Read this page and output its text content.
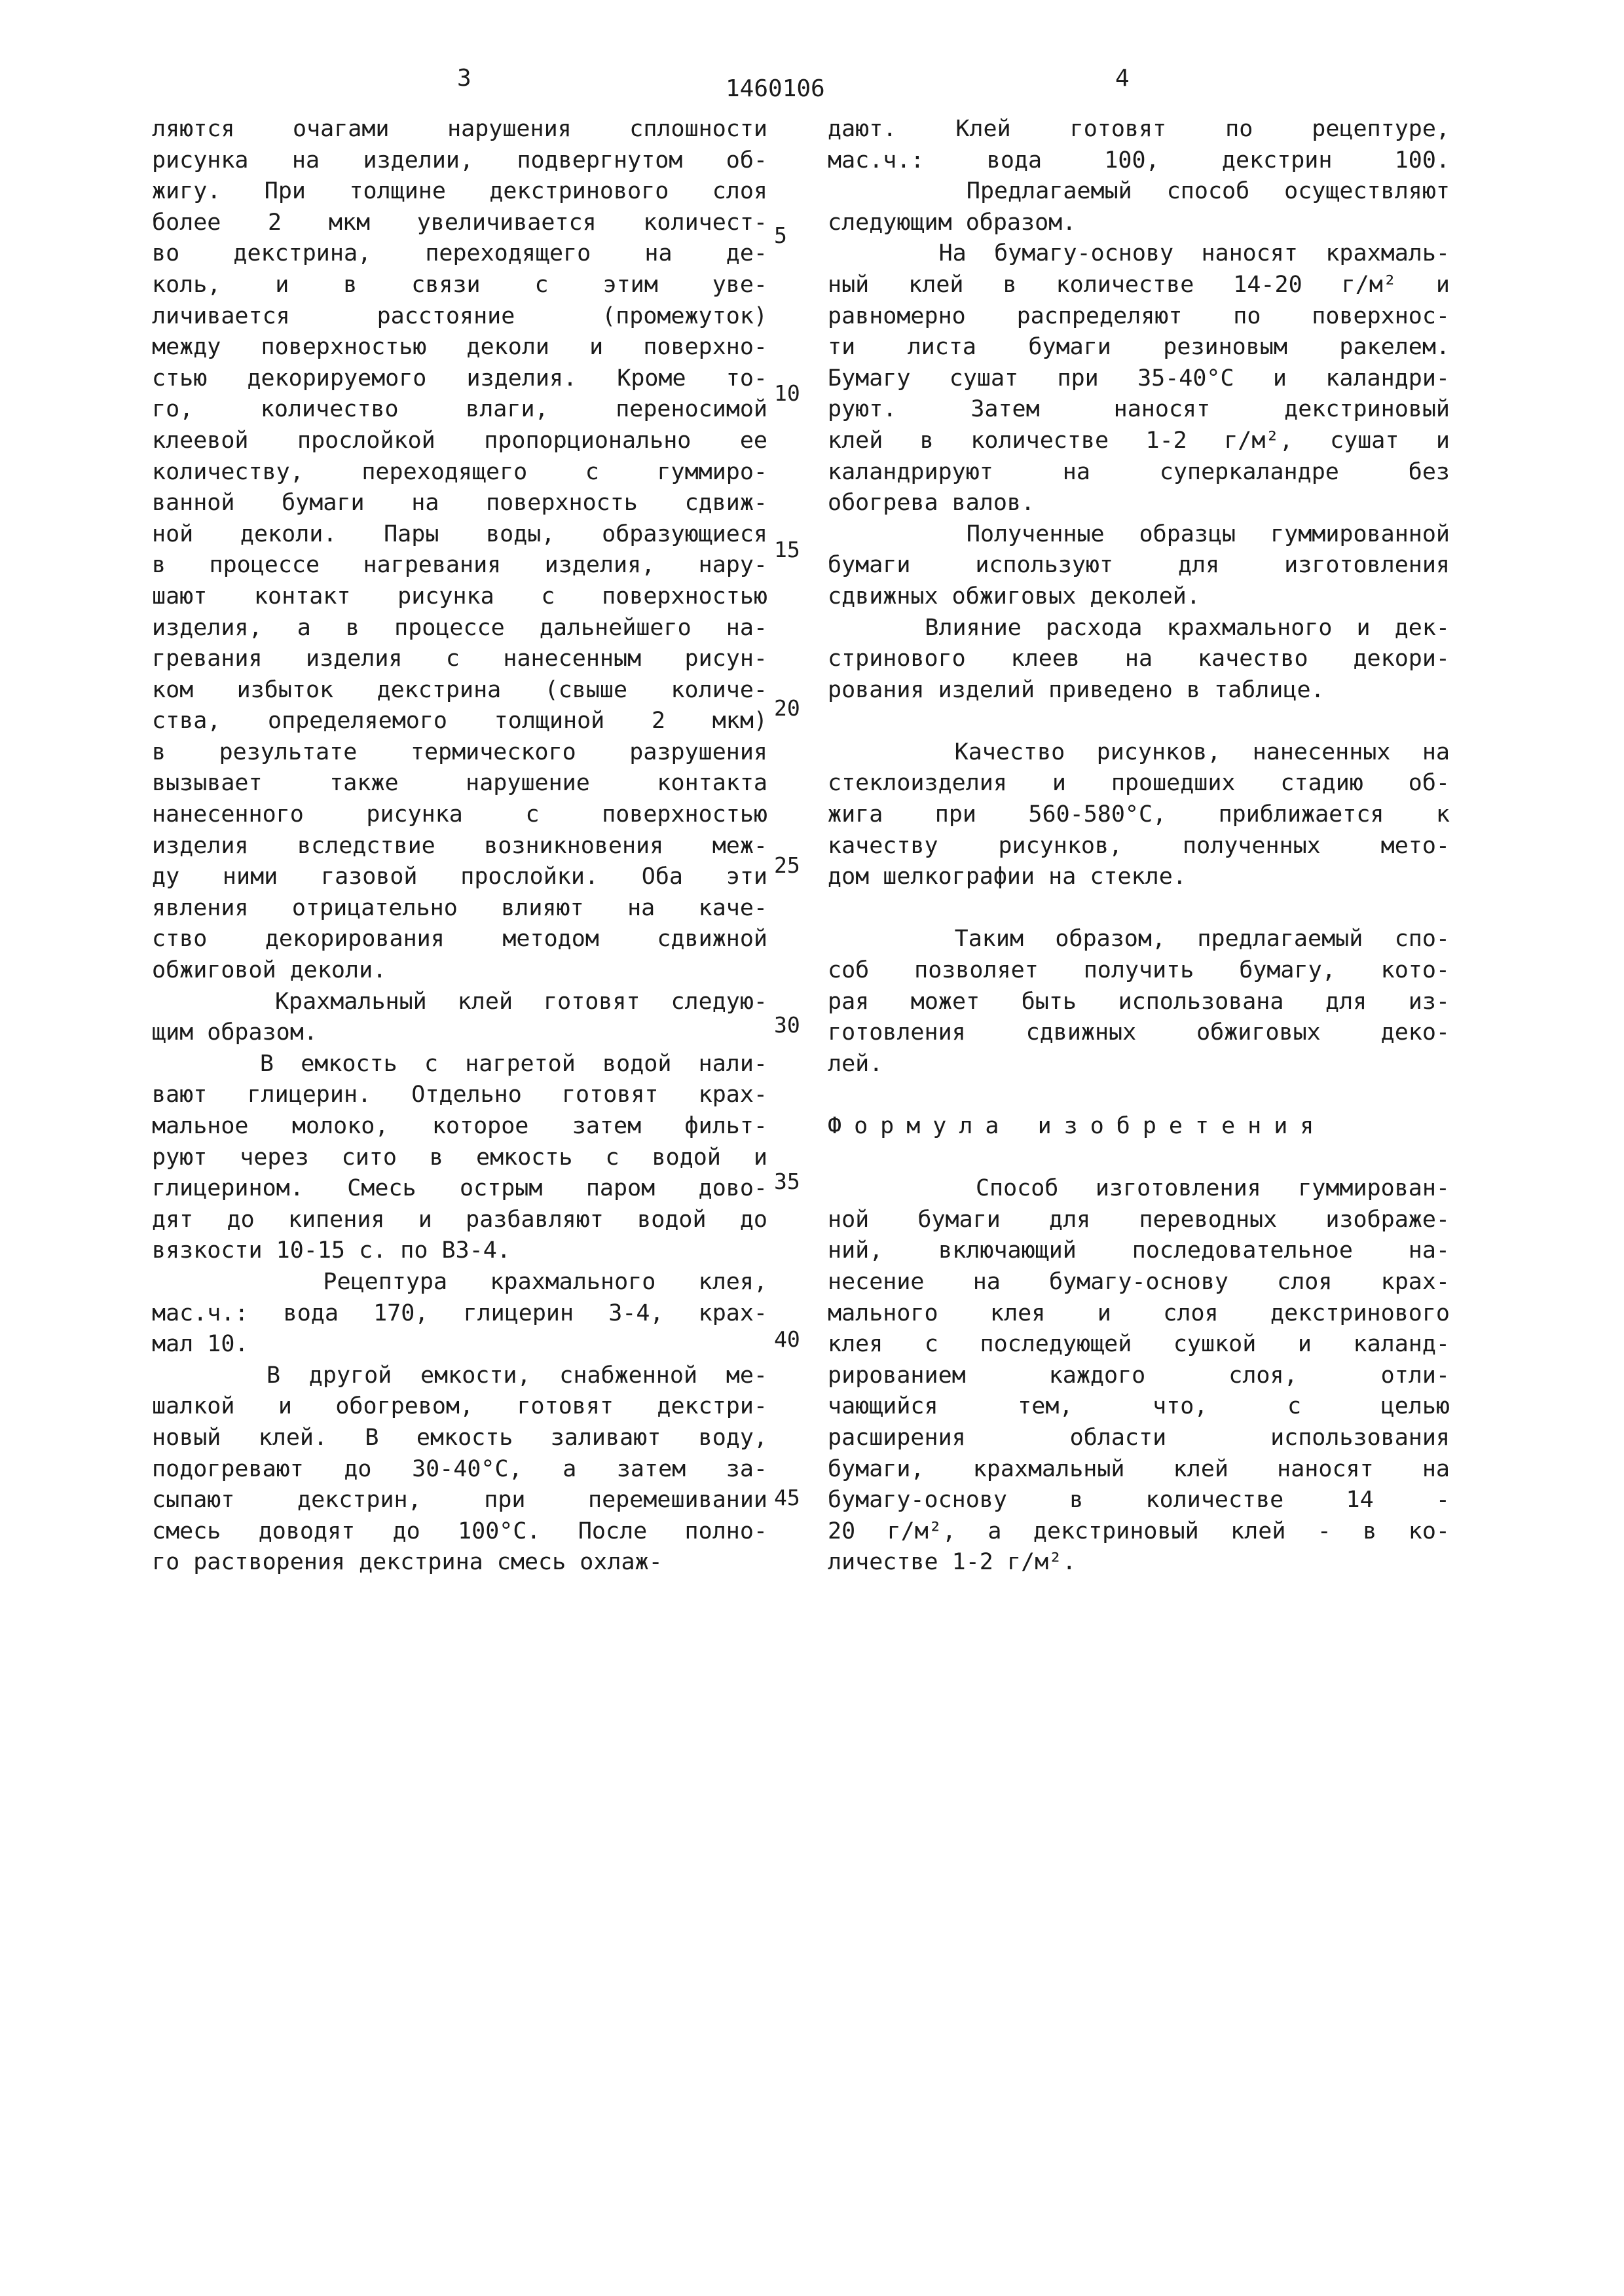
3	1460106	4
ляются очагами нарушения сплошности
рисунка на изделии, подвергнутом об-
жигу. При толщине декстринового слоя
более 2 мкм увеличивается количест-
во декстрина, переходящего на де-
коль, и в связи с этим уве-
личивается расстояние (промежуток)
между поверхностью деколи и поверхно-
стью декорируемого изделия. Кроме то-
го, количество влаги, переносимой
клеевой прослойкой пропорционально ее
количеству, переходящего с гуммиро-
ванной бумаги на поверхность сдвиж-
ной деколи. Пары воды, образующиеся
в процессе нагревания изделия, нару-
шают контакт рисунка с поверхностью
изделия, а в процессе дальнейшего на-
гревания изделия с нанесенным рисун-
ком избыток декстрина (свыше количе-
ства, определяемого толщиной 2 мкм)
в результате термического разрушения
вызывает также нарушение контакта
нанесенного рисунка с поверхностью
изделия вследствие возникновения меж-
ду ними газовой прослойки. Оба эти
явления отрицательно влияют на каче-
ство декорирования методом сдвижной
обжиговой деколи.
Крахмальный клей готовят следую-
щим образом.
В емкость с нагретой водой нали-
вают глицерин. Отдельно готовят крах-
мальное молоко, которое затем фильт-
руют через сито в емкость с водой и
глицерином. Смесь острым паром дово-
дят до кипения и разбавляют водой до
вязкости 10-15 с. по ВЗ-4.
Рецептура крахмального клея,
мас.ч.: вода 170, глицерин 3-4, крах-
мал 10.
В другой емкости, снабженной ме-
шалкой и обогревом, готовят декстри-
новый клей. В емкость заливают воду,
подогревают до 30-40°С, а затем за-
сыпают декстрин, при перемешивании
смесь доводят до 100°С. После полно-
го растворения декстрина смесь охлаж-
дают. Клей готовят по рецептуре,
мас.ч.: вода 100, декстрин 100.
Предлагаемый способ осуществляют
следующим образом.
На бумагу-основу наносят крахмаль-
ный клей в количестве 14-20 г/м² и
равномерно распределяют по поверхнос-
ти листа бумаги резиновым ракелем.
Бумагу сушат при 35-40°С и каландри-
руют. Затем наносят декстриновый
клей в количестве 1-2 г/м², сушат и
каландрируют на суперкаландре без
обогрева валов.
Полученные образцы гуммированной
бумаги используют для изготовления
сдвижных обжиговых деколей.
Влияние расхода крахмального и дек-
стринового клеев на качество декори-
рования изделий приведено в таблице.
Качество рисунков, нанесенных на
стеклоизделия и прошедших стадию об-
жига при 560-580°С, приближается к
качеству рисунков, полученных мето-
дом шелкографии на стекле.
Таким образом, предлагаемый спо-
соб позволяет получить бумагу, кото-
рая может быть использована для из-
готовления сдвижных обжиговых деко-
лей.
Формула изобретения
Способ изготовления гуммирован-
ной бумаги для переводных изображе-
ний, включающий последовательное на-
несение на бумагу-основу слоя крах-
мального клея и слоя декстринового
клея с последующей сушкой и каланд-
рированием каждого слоя, отли-
чающийся тем, что, с целью
расширения области использования
бумаги, крахмальный клей наносят на
бумагу-основу в количестве 14 -
20 г/м², а декстриновый клей - в ко-
личестве 1-2 г/м².
5
10
15
20
25
30
35
40
45
